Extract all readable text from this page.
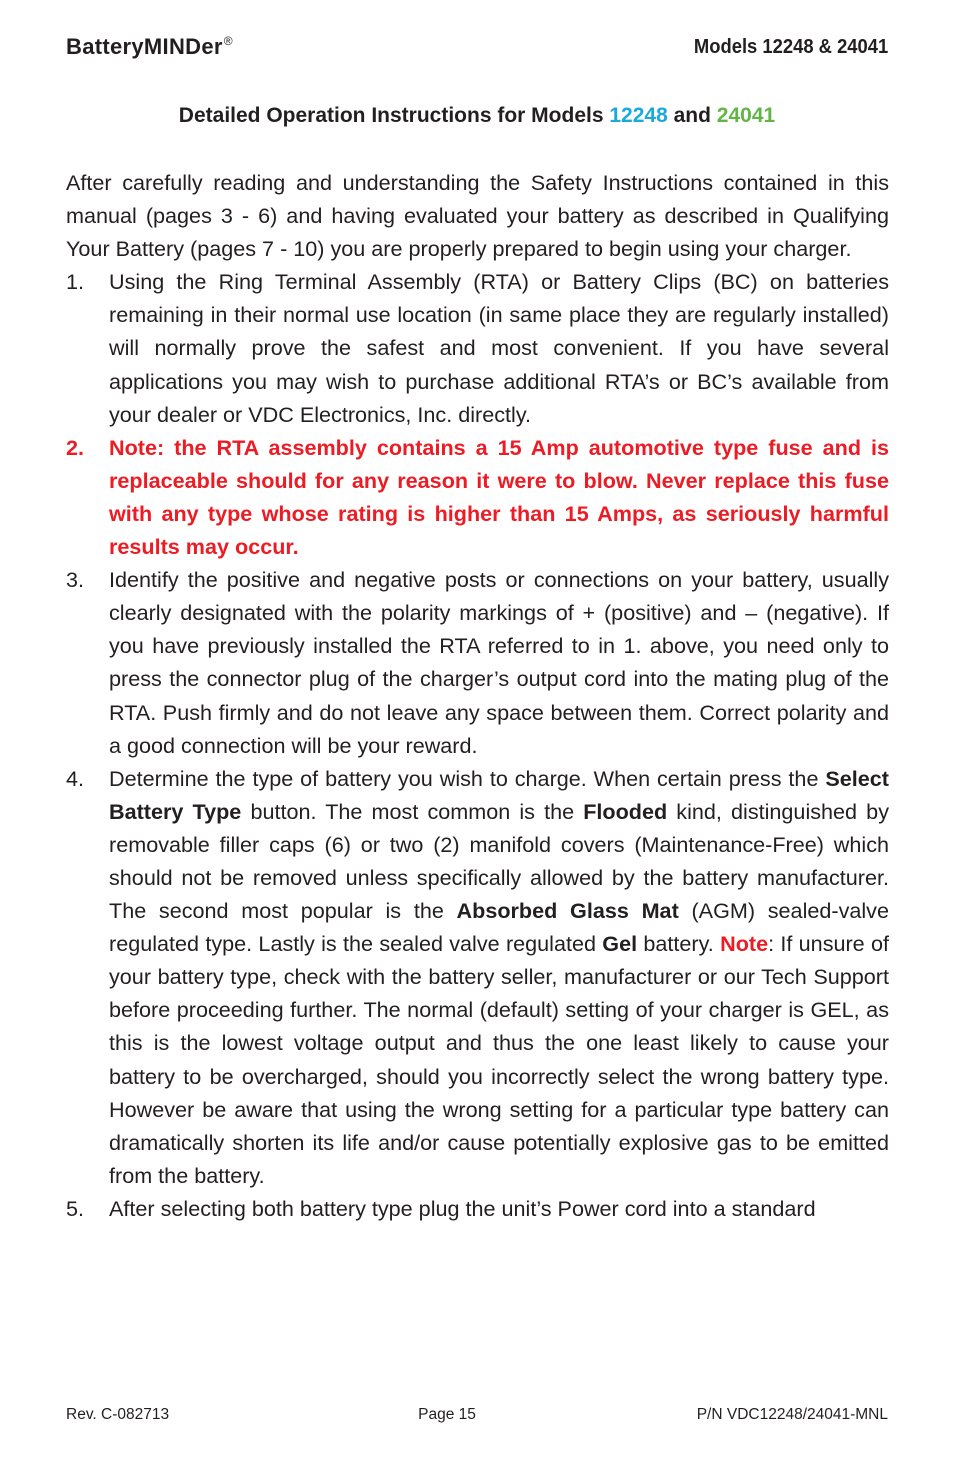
BatteryMINDer®	Models 12248 & 24041
Detailed Operation Instructions for Models 12248 and 24041

After carefully reading and understanding the Safety Instructions contained in this manual (pages 3 - 6) and having evaluated your battery as described in Qualifying Your Battery (pages 7 - 10) you are properly prepared to begin using your charger.

1. Using the Ring Terminal Assembly (RTA) or Battery Clips (BC) on batteries remaining in their normal use location (in same place they are regularly installed) will normally prove the safest and most convenient. If you have several applications you may wish to purchase additional RTA’s or BC’s available from your dealer or VDC Electronics, Inc. directly.
2. Note: the RTA assembly contains a 15 Amp automotive type fuse and is replaceable should for any reason it were to blow. Never replace this fuse with any type whose rating is higher than 15 Amps, as seriously harmful results may occur.
3. Identify the positive and negative posts or connections on your battery, usually clearly designated with the polarity markings of + (positive) and – (negative). If you have previously installed the RTA referred to in 1. above, you need only to press the connector plug of the charger’s output cord into the mating plug of the RTA. Push firmly and do not leave any space between them. Correct polarity and a good connection will be your reward.
4. Determine the type of battery you wish to charge. When certain press the Select Battery Type button. The most common is the Flooded kind, distinguished by removable filler caps (6) or two (2) manifold covers (Maintenance-Free) which should not be removed unless specifically allowed by the battery manufacturer. The second most popular is the Absorbed Glass Mat (AGM) sealed-valve regulated type. Lastly is the sealed valve regulated Gel battery. Note: If unsure of your battery type, check with the battery seller, manufacturer or our Tech Support before proceeding further. The normal (default) setting of your charger is GEL, as this is the lowest voltage output and thus the one least likely to cause your battery to be overcharged, should you incorrectly select the wrong battery type. However be aware that using the wrong setting for a particular type battery can dramatically shorten its life and/or cause potentially explosive gas to be emitted from the battery.
5. After selecting both battery type plug the unit’s Power cord into a standard
Rev. C-082713	Page 15	P/N VDC12248/24041-MNL
